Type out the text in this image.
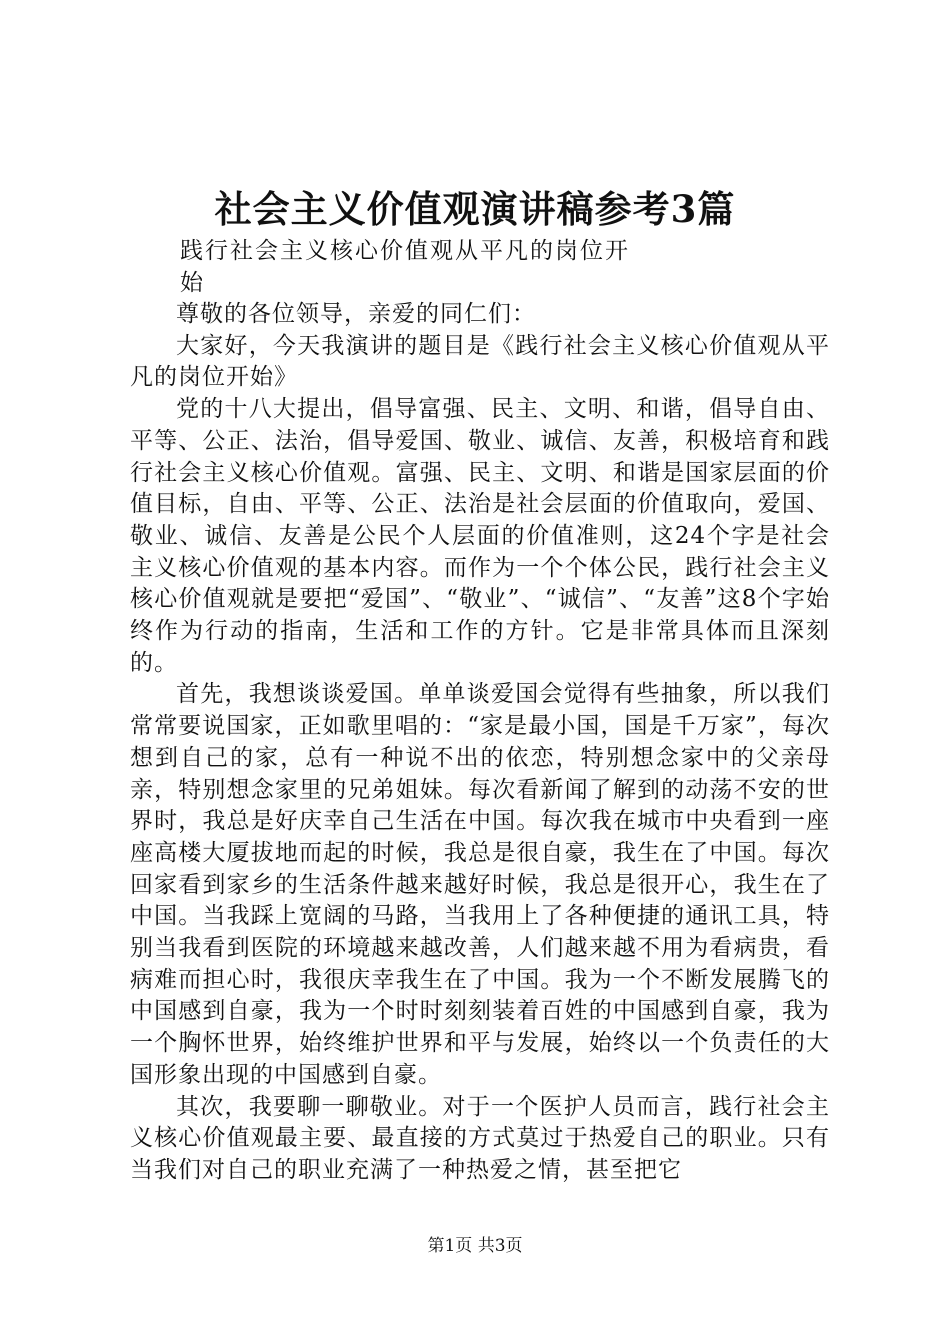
社会主义价值观演讲稿参考3篇
践行社会主义核心价值观从平凡的岗位开始

尊敬的各位领导，亲爱的同仁们：

大家好，今天我演讲的题目是《践行社会主义核心价值观从平凡的岗位开始》

党的十八大提出，倡导富强、民主、文明、和谐，倡导自由、平等、公正、法治，倡导爱国、敬业、诚信、友善，积极培育和践行社会主义核心价值观。富强、民主、文明、和谐是国家层面的价值目标，自由、平等、公正、法治是社会层面的价值取向，爱国、敬业、诚信、友善是公民个人层面的价值准则，这24个字是社会主义核心价值观的基本内容。而作为一个个体公民，践行社会主义核心价值观就是要把“爱国”、“敬业”、“诚信”、“友善”这8个字始终作为行动的指南，生活和工作的方针。它是非常具体而且深刻的。

首先，我想谈谈爱国。单单谈爱国会觉得有些抽象，所以我们常常要说国家，正如歌里唱的：“家是最小国，国是千万家”，每次想到自己的家，总有一种说不出的依恋，特别想念家中的父亲母亲，特别想念家里的兄弟姐妹。每次看新闻了解到的动荡不安的世界时，我总是好庆幸自己生活在中国。每次我在城市中央看到一座座高楼大厦拔地而起的时候，我总是很自豪，我生在了中国。每次回家看到家乡的生活条件越来越好时候，我总是很开心，我生在了中国。当我踩上宽阔的马路，当我用上了各种便捷的通讯工具，特别当我看到医院的环境越来越改善，人们越来越不用为看病贵，看病难而担心时，我很庆幸我生在了中国。我为一个不断发展腾飞的中国感到自豪，我为一个时时刻刻装着百姓的中国感到自豪，我为一个胸怀世界，始终维护世界和平与发展，始终以一个负责任的大国形象出现的中国感到自豪。

其次，我要聊一聊敬业。对于一个医护人员而言，践行社会主义核心价值观最主要、最直接的方式莫过于热爱自己的职业。只有当我们对自己的职业充满了一种热爱之情，甚至把它

第1页 共3页
